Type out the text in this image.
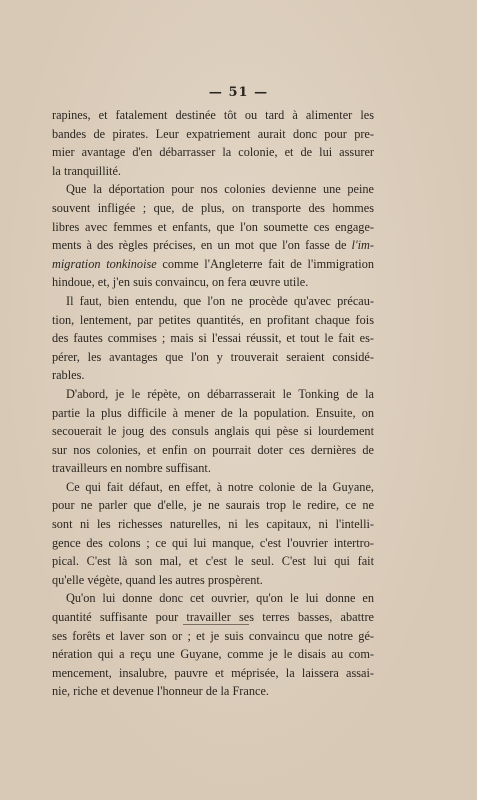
— 51 —
rapines, et fatalement destinée tôt ou tard à alimenter les
bandes de pirates. Leur expatriement aurait donc pour pre-
mier avantage d'en débarrasser la colonie, et de lui assurer
la tranquillité.
Que la déportation pour nos colonies devienne une peine
souvent infligée ; que, de plus, on transporte des hommes
libres avec femmes et enfants, que l'on soumette ces engage-
ments à des règles précises, en un mot que l'on fasse de l'im-
migration tonkinoise comme l'Angleterre fait de l'immigration
hindoue, et, j'en suis convaincu, on fera œuvre utile.
Il faut, bien entendu, que l'on ne procède qu'avec précau-
tion, lentement, par petites quantités, en profitant chaque fois
des fautes commises ; mais si l'essai réussit, et tout le fait es-
pérer, les avantages que l'on y trouverait seraient considé-
rables.
D'abord, je le répète, on débarrasserait le Tonking de la
partie la plus difficile à mener de la population. Ensuite, on
secouerait le joug des consuls anglais qui pèse si lourdement
sur nos colonies, et enfin on pourrait doter ces dernières de
travailleurs en nombre suffisant.
Ce qui fait défaut, en effet, à notre colonie de la Guyane,
pour ne parler que d'elle, je ne saurais trop le redire, ce ne
sont ni les richesses naturelles, ni les capitaux, ni l'intelli-
gence des colons ; ce qui lui manque, c'est l'ouvrier intertro-
pical. C'est là son mal, et c'est le seul. C'est lui qui fait
qu'elle végète, quand les autres prospèrent.
Qu'on lui donne donc cet ouvrier, qu'on le lui donne en
quantité suffisante pour travailler ses terres basses, abattre
ses forêts et laver son or ; et je suis convaincu que notre gé-
nération qui a reçu une Guyane, comme je le disais au com-
mencement, insalubre, pauvre et méprisée, la laissera assai-
nie, riche et devenue l'honneur de la France.
